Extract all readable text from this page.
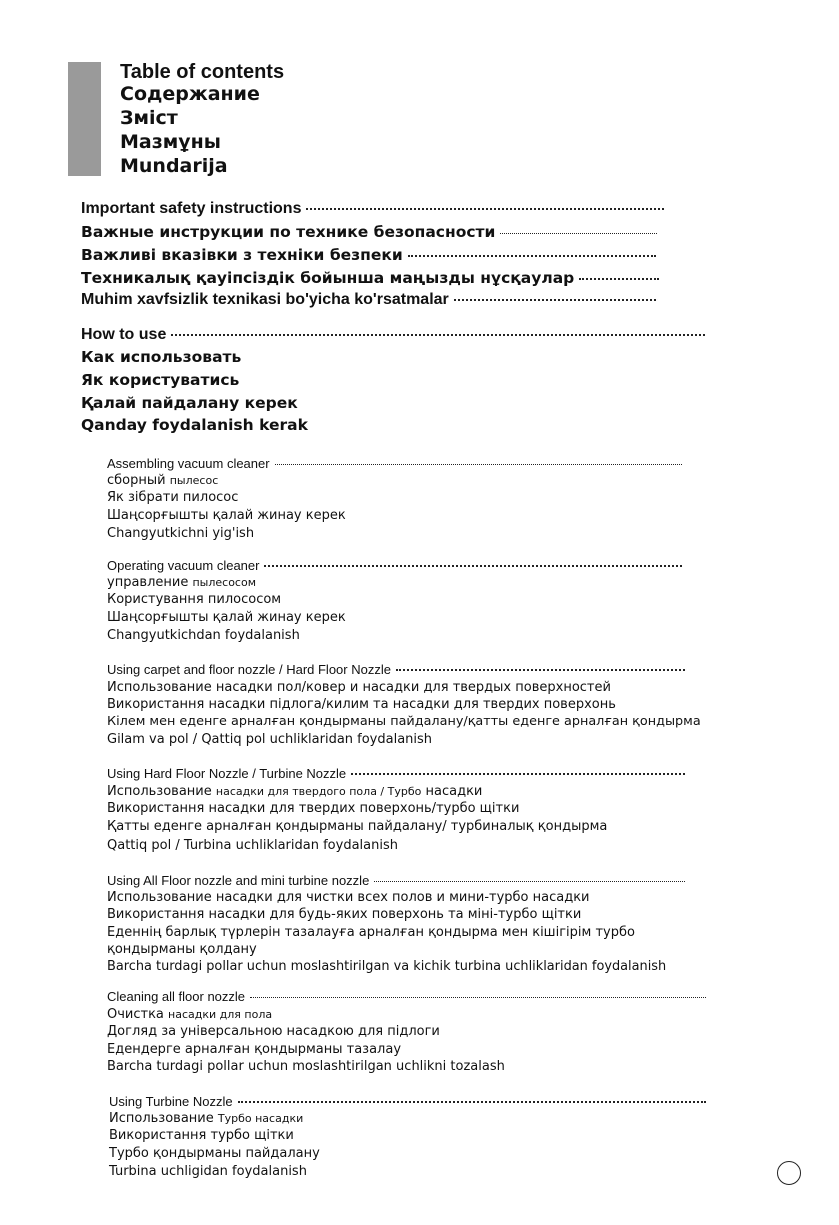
Table of contents
Содержание
Зміст
Мазмұны
Mundarija
Important safety instructions
Важные инструкции по технике безопасности
Важливі вказівки з техніки безпеки
Техникалық қауіпсіздік бойынша маңызды нұсқаулар
Muhim xavfsizlik texnikasi bo'yicha ko'rsatmalar
How to use
Как использовать
Як користуватись
Қалай пайдалану керек
Qanday foydalanish kerak
Assembling vacuum cleaner
сборный пылесос
Як зібрати пилосос
Шаңсорғышты қалай жинау керек
Changyutkichni yig'ish
Operating vacuum cleaner
управление пылесосом
Користування пилососом
Шаңсорғышты қалай жинау керек
Changyutkichdan foydalanish
Using carpet and floor nozzle / Hard Floor Nozzle
Использование насадки пол/ковер и насадки для твердых поверхностей
Використання насадки підлога/килим та насадки для твердих поверхонь
Кілем мен еденге арналған қондырманы пайдалану/қатты еденге арналған қондырма
Gilam va pol / Qattiq pol uchliklaridan foydalanish
Using Hard Floor Nozzle / Turbine Nozzle
Использование насадки для твердого пола / Турбо насадки
Використання насадки для твердих поверхонь/турбо щітки
Қатты еденге арналған қондырманы пайдалану/ турбиналық қондырма
Qattiq pol / Turbina uchliklaridan foydalanish
Using All Floor nozzle and mini turbine nozzle
Использование насадки для чистки всех полов и мини-турбо насадки
Використання насадки для будь-яких поверхонь та міні-турбо щітки
Еденнің барлық түрлерін тазалауға арналған қондырма мен кішігірім турбо
қондырманы қолдану
Barcha turdagi pollar uchun moslashtirilgan va kichik turbina uchliklaridan foydalanish
Cleaning all floor nozzle
Очистка насадки для пола
Догляд за універсальною насадкою для підлоги
Едендерге арналған қондырманы тазалау
Barcha turdagi pollar uchun moslashtirilgan uchlikni tozalash
Using Turbine Nozzle
Использование Турбо насадки
Використання турбо щітки
Турбо қондырманы пайдалану
Turbina uchligidan foydalanish
